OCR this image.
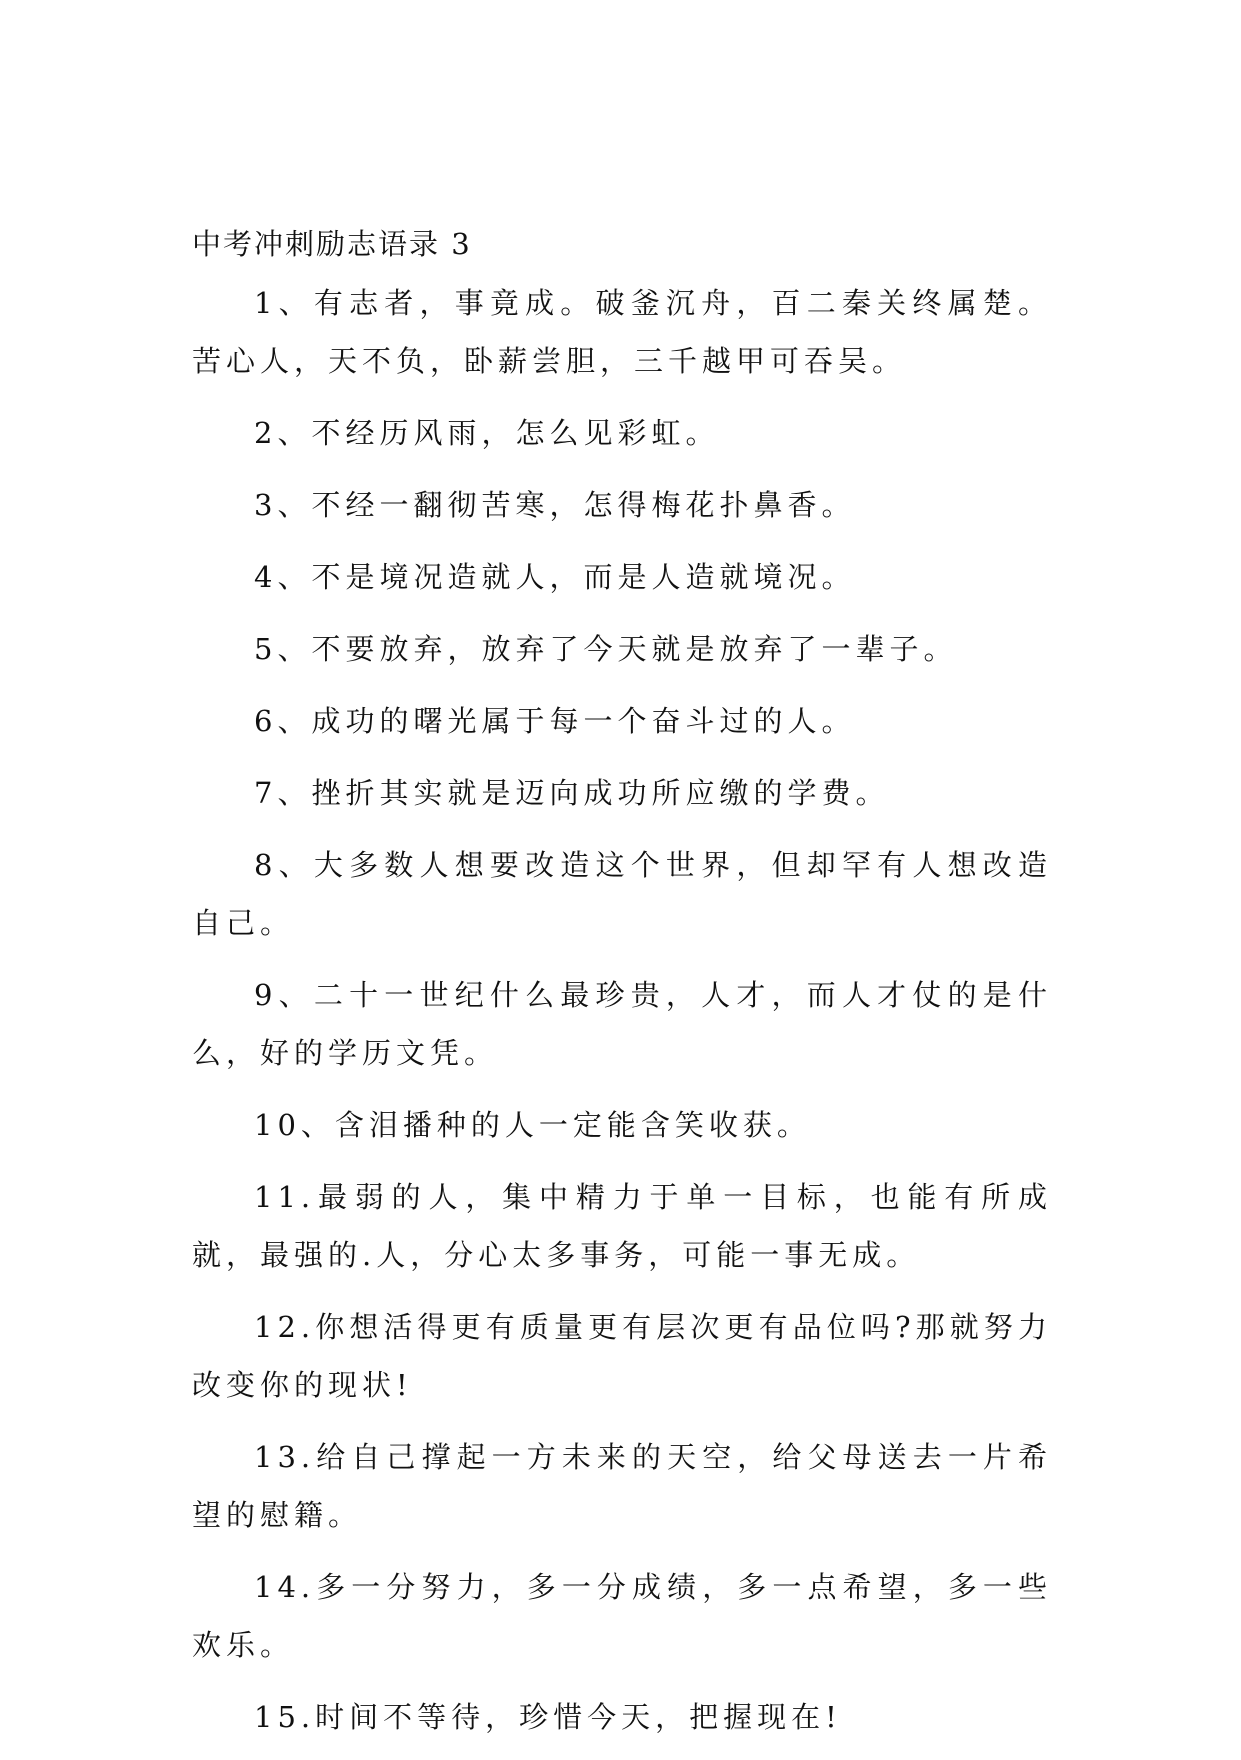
中考冲刺励志语录 3
1、有志者，事竟成。破釜沉舟，百二秦关终属楚。苦心人，天不负，卧薪尝胆，三千越甲可吞吴。
2、不经历风雨，怎么见彩虹。
3、不经一翻彻苦寒，怎得梅花扑鼻香。
4、不是境况造就人，而是人造就境况。
5、不要放弃，放弃了今天就是放弃了一辈子。
6、成功的曙光属于每一个奋斗过的人。
7、挫折其实就是迈向成功所应缴的学费。
8、大多数人想要改造这个世界，但却罕有人想改造自己。
9、二十一世纪什么最珍贵，人才，而人才仗的是什么，好的学历文凭。
10、含泪播种的人一定能含笑收获。
11.最弱的人，集中精力于单一目标，也能有所成就，最强的.人，分心太多事务，可能一事无成。
12.你想活得更有质量更有层次更有品位吗?那就努力改变你的现状!
13.给自己撑起一方未来的天空，给父母送去一片希望的慰籍。
14.多一分努力，多一分成绩，多一点希望，多一些欢乐。
15.时间不等待，珍惜今天，把握现在!
